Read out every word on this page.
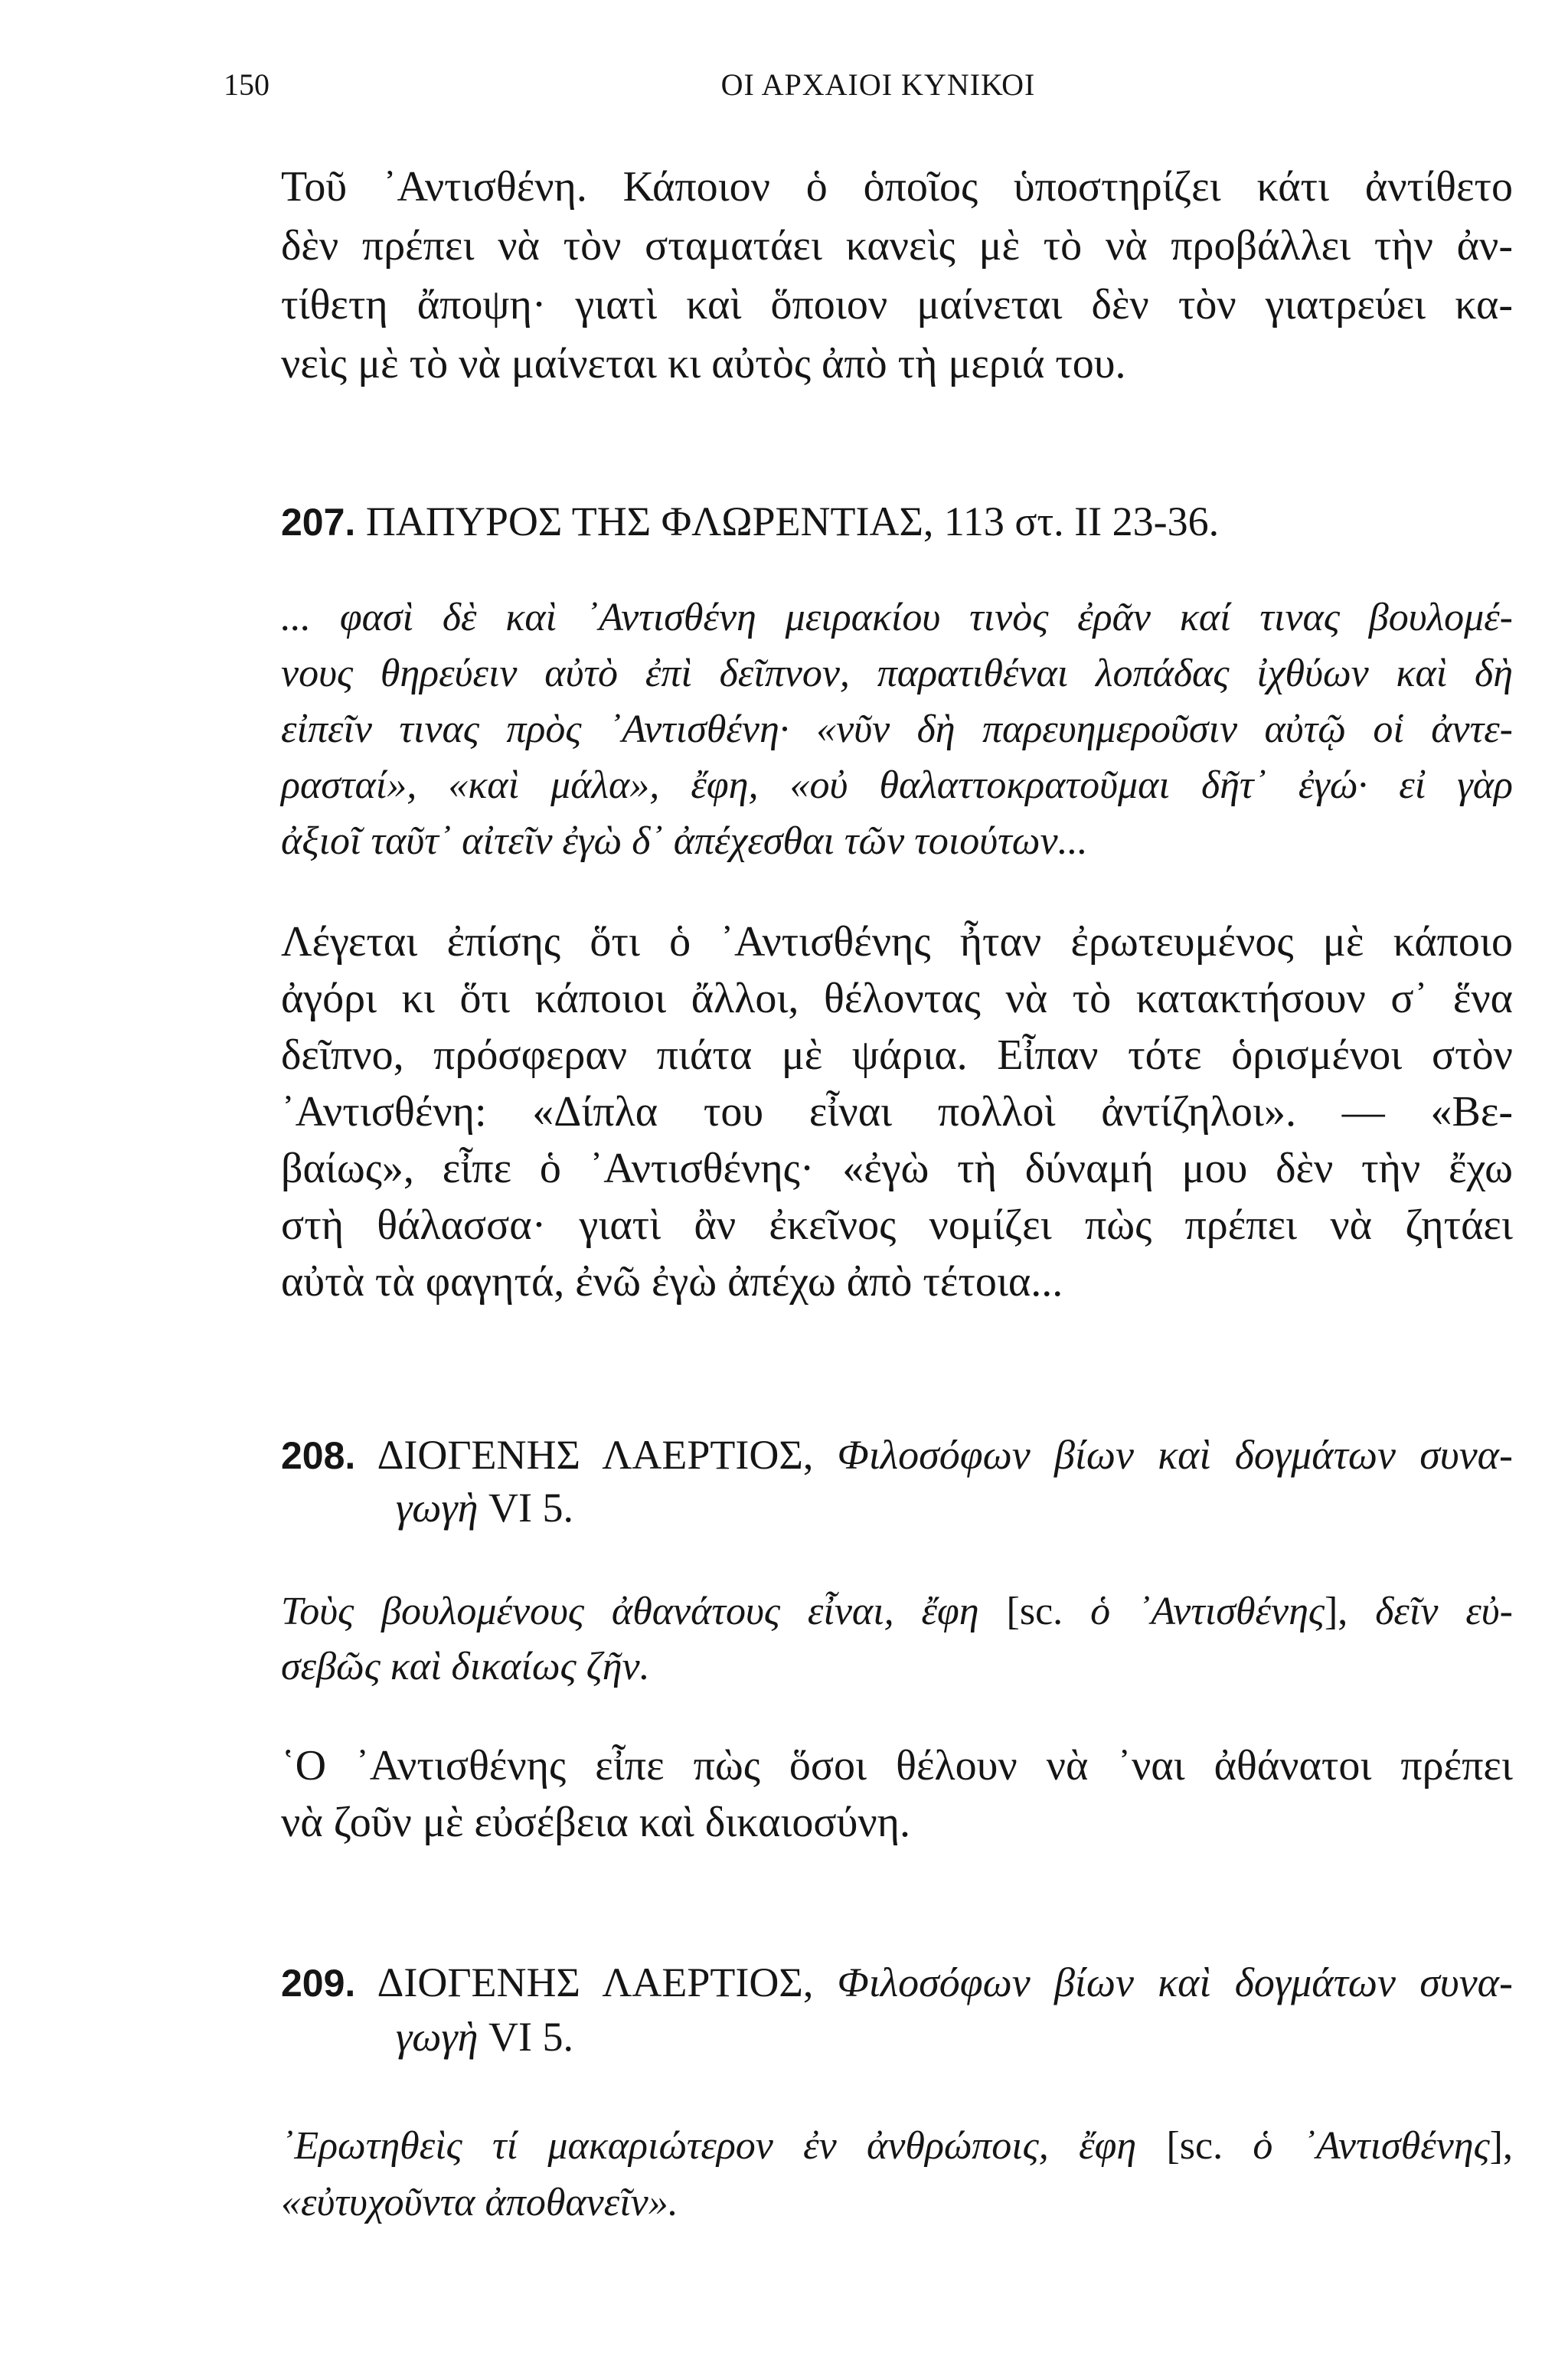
150	ΟΙ ΑΡΧΑΙΟΙ ΚΥΝΙΚΟΙ
Τοῦ ᾿Αντισθένη. Κάποιον ὁ ὁποῖος ὑποστηρίζει κάτι ἀντίθετο
δὲν πρέπει νὰ τὸν σταματάει κανεὶς μὲ τὸ νὰ προβάλλει τὴν ἀν-
τίθετη ἄποψη· γιατὶ καὶ ὅποιον μαίνεται δὲν τὸν γιατρεύει κα-
νεὶς μὲ τὸ νὰ μαίνεται κι αὐτὸς ἀπὸ τὴ μεριά του.
207. ΠΑΠΥΡΟΣ ΤΗΣ ΦΛΩΡΕΝΤΙΑΣ, 113 στ. II 23-36.
... φασὶ δὲ καὶ ᾿Αντισθένη μειρακίου τινὸς ἐρᾶν καί τινας βουλομέ-
νους θηρεύειν αὐτὸ ἐπὶ δεῖπνον, παρατιθέναι λοπάδας ἰχθύων καὶ δὴ
εἰπεῖν τινας πρὸς ᾿Αντισθένη· «νῦν δὴ παρευημεροῦσιν αὐτῷ οἱ ἀντε-
ρασταί», «καὶ μάλα», ἔφη, «οὐ θαλαττοκρατοῦμαι δῆτ᾿ ἐγώ· εἰ γὰρ
ἀξιοῖ ταῦτ᾿ αἰτεῖν ἐγὼ δ᾿ ἀπέχεσθαι τῶν τοιούτων...
Λέγεται ἐπίσης ὅτι ὁ ᾿Αντισθένης ἦταν ἐρωτευμένος μὲ κάποιο
ἀγόρι κι ὅτι κάποιοι ἄλλοι, θέλοντας νὰ τὸ κατακτήσουν σ᾿ ἕνα
δεῖπνο, πρόσφεραν πιάτα μὲ ψάρια. Εἶπαν τότε ὁρισμένοι στὸν
᾿Αντισθένη: «Δίπλα του εἶναι πολλοὶ ἀντίζηλοι». — «Βε-
βαίως», εἶπε ὁ ᾿Αντισθένης· «ἐγὼ τὴ δύναμή μου δὲν τὴν ἔχω
στὴ θάλασσα· γιατὶ ἂν ἐκεῖνος νομίζει πὼς πρέπει νὰ ζητάει
αὐτὰ τὰ φαγητά, ἐνῶ ἐγὼ ἀπέχω ἀπὸ τέτοια...
208. ΔΙΟΓΕΝΗΣ ΛΑΕΡΤΙΟΣ, Φιλοσόφων βίων καὶ δογμάτων συνα-
γωγὴ VI 5.
Τοὺς βουλομένους ἀθανάτους εἶναι, ἔφη [sc. ὁ ᾿Αντισθένης], δεῖν εὐ-
σεβῶς καὶ δικαίως ζῆν.
῾Ο ᾿Αντισθένης εἶπε πὼς ὅσοι θέλουν νὰ ᾿ναι ἀθάνατοι πρέπει
νὰ ζοῦν μὲ εὐσέβεια καὶ δικαιοσύνη.
209. ΔΙΟΓΕΝΗΣ ΛΑΕΡΤΙΟΣ, Φιλοσόφων βίων καὶ δογμάτων συνα-
γωγὴ VI 5.
᾿Ερωτηθεὶς τί μακαριώτερον ἐν ἀνθρώποις, ἔφη [sc. ὁ ᾿Αντισθένης],
«εὐτυχοῦντα ἀποθανεῖν».
